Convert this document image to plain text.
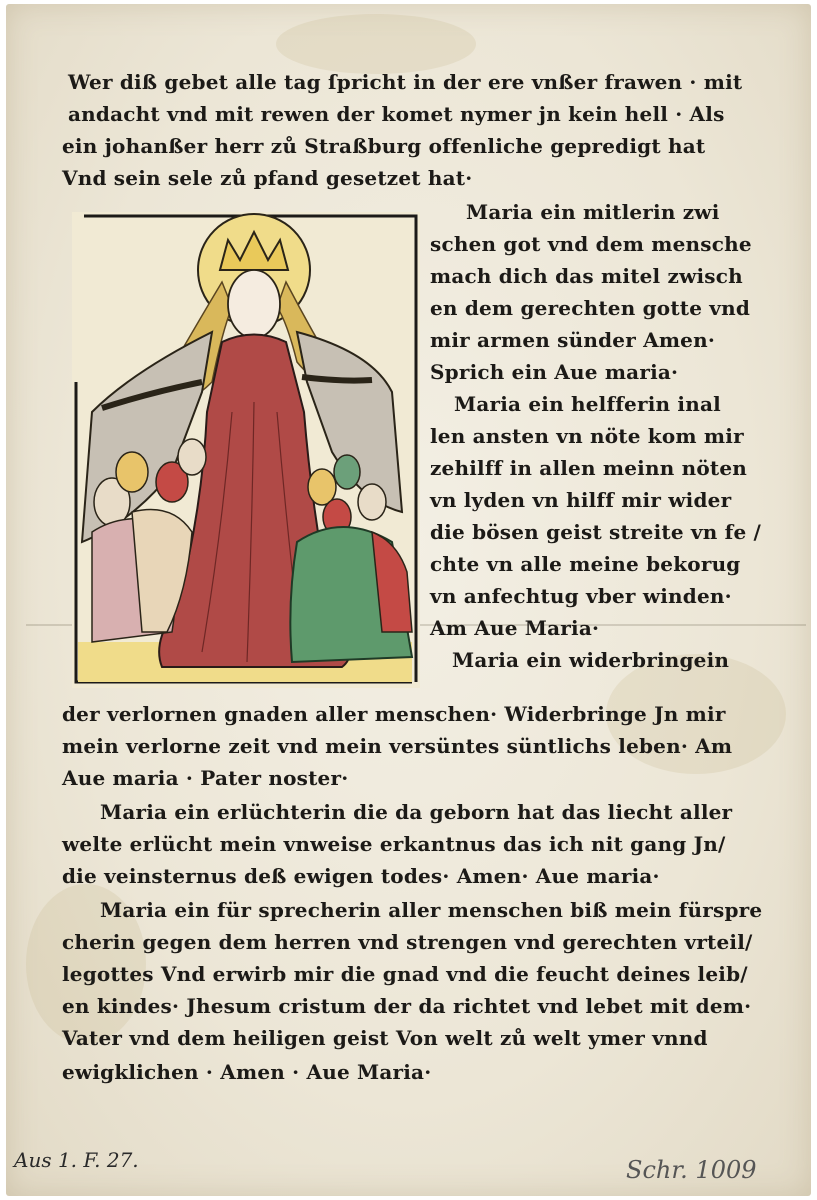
Wer diß gebet alle tag ſpricht in der ere vnßer frawen · mit
andacht vnd mit rewen der komet nymer jn kein hell · Als
ein johanßer herr zů Straßburg offenliche gepredigt hat
Vnd sein sele zů pfand gesetzet hat·
Maria ein mitlerin zwi
schen got vnd dem mensche
mach dich das mitel zwisch
en dem gerechten gotte vnd
mir armen sünder Amen·
Sprich ein Aue maria·
Maria ein helfferin inal
len ansten vn nöte kom mir
zehilff in allen meinn nöten
vn lyden vn hilff mir wider
die bösen geist streite vn fe /
chte vn alle meine bekorug
vn anfechtug vber winden·
Am Aue Maria·
Maria ein widerbringein
der verlornen gnaden aller menschen· Widerbringe Jn mir
mein verlorne zeit vnd mein versüntes süntlichs leben· Am
Aue maria · Pater noster·
Maria ein erlüchterin die da geborn hat das liecht aller
welte erlücht mein vnweise erkantnus das ich nit gang Jn/
die veinsternus deß ewigen todes· Amen· Aue maria·
Maria ein für sprecherin aller menschen biß mein fürspre
cherin gegen dem herren vnd strengen vnd gerechten vrteil/
legottes Vnd erwirb mir die gnad vnd die feucht deines leib/
en kindes· Jhesum cristum der da richtet vnd lebet mit dem·
Vater vnd dem heiligen geist Von welt zů welt ymer vnnd
ewigklichen · Amen · Aue Maria·
Aus 1. F. 27.	Schr. 1009
